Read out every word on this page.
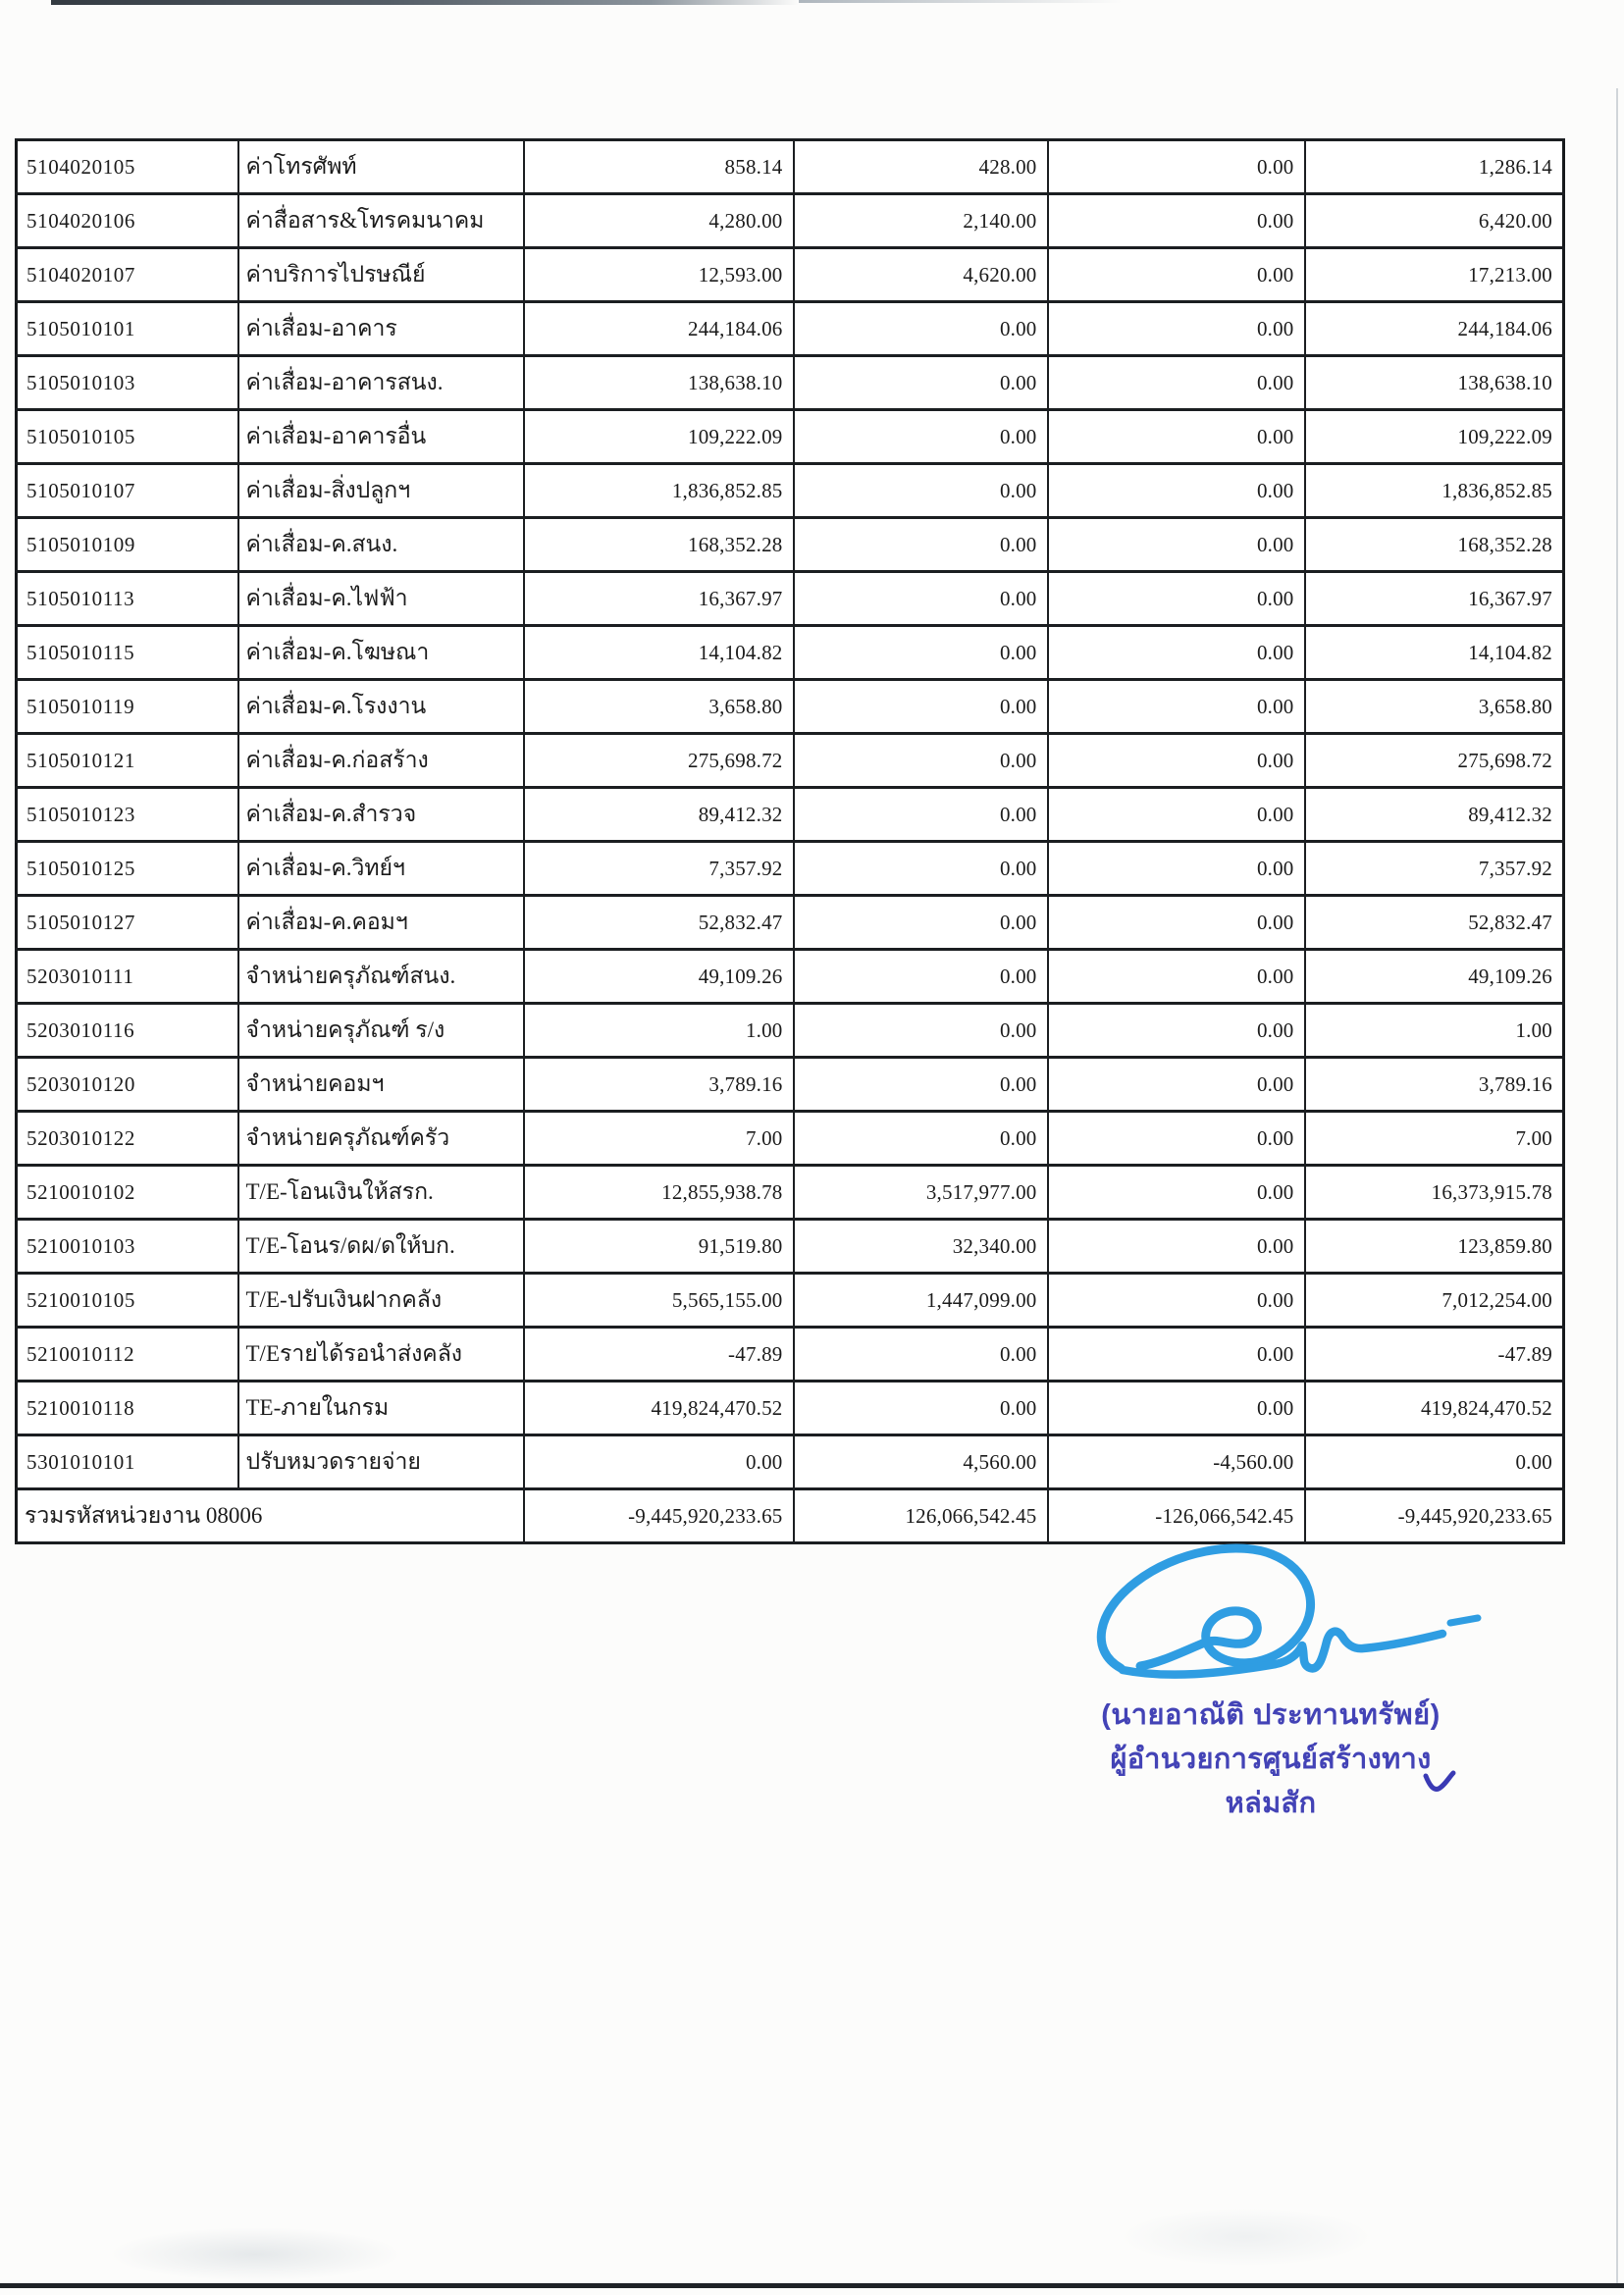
5104020105	ค่าโทรศัพท์	858.14	428.00	0.00	1,286.14
5104020106	ค่าสื่อสาร&โทรคมนาคม	4,280.00	2,140.00	0.00	6,420.00
5104020107	ค่าบริการไปรษณีย์	12,593.00	4,620.00	0.00	17,213.00
5105010101	ค่าเสื่อม-อาคาร	244,184.06	0.00	0.00	244,184.06
5105010103	ค่าเสื่อม-อาคารสนง.	138,638.10	0.00	0.00	138,638.10
5105010105	ค่าเสื่อม-อาคารอื่น	109,222.09	0.00	0.00	109,222.09
5105010107	ค่าเสื่อม-สิ่งปลูกฯ	1,836,852.85	0.00	0.00	1,836,852.85
5105010109	ค่าเสื่อม-ค.สนง.	168,352.28	0.00	0.00	168,352.28
5105010113	ค่าเสื่อม-ค.ไฟฟ้า	16,367.97	0.00	0.00	16,367.97
5105010115	ค่าเสื่อม-ค.โฆษณา	14,104.82	0.00	0.00	14,104.82
5105010119	ค่าเสื่อม-ค.โรงงาน	3,658.80	0.00	0.00	3,658.80
5105010121	ค่าเสื่อม-ค.ก่อสร้าง	275,698.72	0.00	0.00	275,698.72
5105010123	ค่าเสื่อม-ค.สำรวจ	89,412.32	0.00	0.00	89,412.32
5105010125	ค่าเสื่อม-ค.วิทย์ฯ	7,357.92	0.00	0.00	7,357.92
5105010127	ค่าเสื่อม-ค.คอมฯ	52,832.47	0.00	0.00	52,832.47
5203010111	จำหน่ายครุภัณฑ์สนง.	49,109.26	0.00	0.00	49,109.26
5203010116	จำหน่ายครุภัณฑ์ ร/ง	1.00	0.00	0.00	1.00
5203010120	จำหน่ายคอมฯ	3,789.16	0.00	0.00	3,789.16
5203010122	จำหน่ายครุภัณฑ์ครัว	7.00	0.00	0.00	7.00
5210010102	T/E-โอนเงินให้สรก.	12,855,938.78	3,517,977.00	0.00	16,373,915.78
5210010103	T/E-โอนร/ดผ/ดให้บก.	91,519.80	32,340.00	0.00	123,859.80
5210010105	T/E-ปรับเงินฝากคลัง	5,565,155.00	1,447,099.00	0.00	7,012,254.00
5210010112	T/Eรายได้รอนำส่งคลัง	-47.89	0.00	0.00	-47.89
5210010118	TE-ภายในกรม	419,824,470.52	0.00	0.00	419,824,470.52
5301010101	ปรับหมวดรายจ่าย	0.00	4,560.00	-4,560.00	0.00
รวมรหัสหน่วยงาน 08006		-9,445,920,233.65	126,066,542.45	-126,066,542.45	-9,445,920,233.65
(นายอาณัติ ประทานทรัพย์)
ผู้อำนวยการศูนย์สร้างทางหล่มสัก
